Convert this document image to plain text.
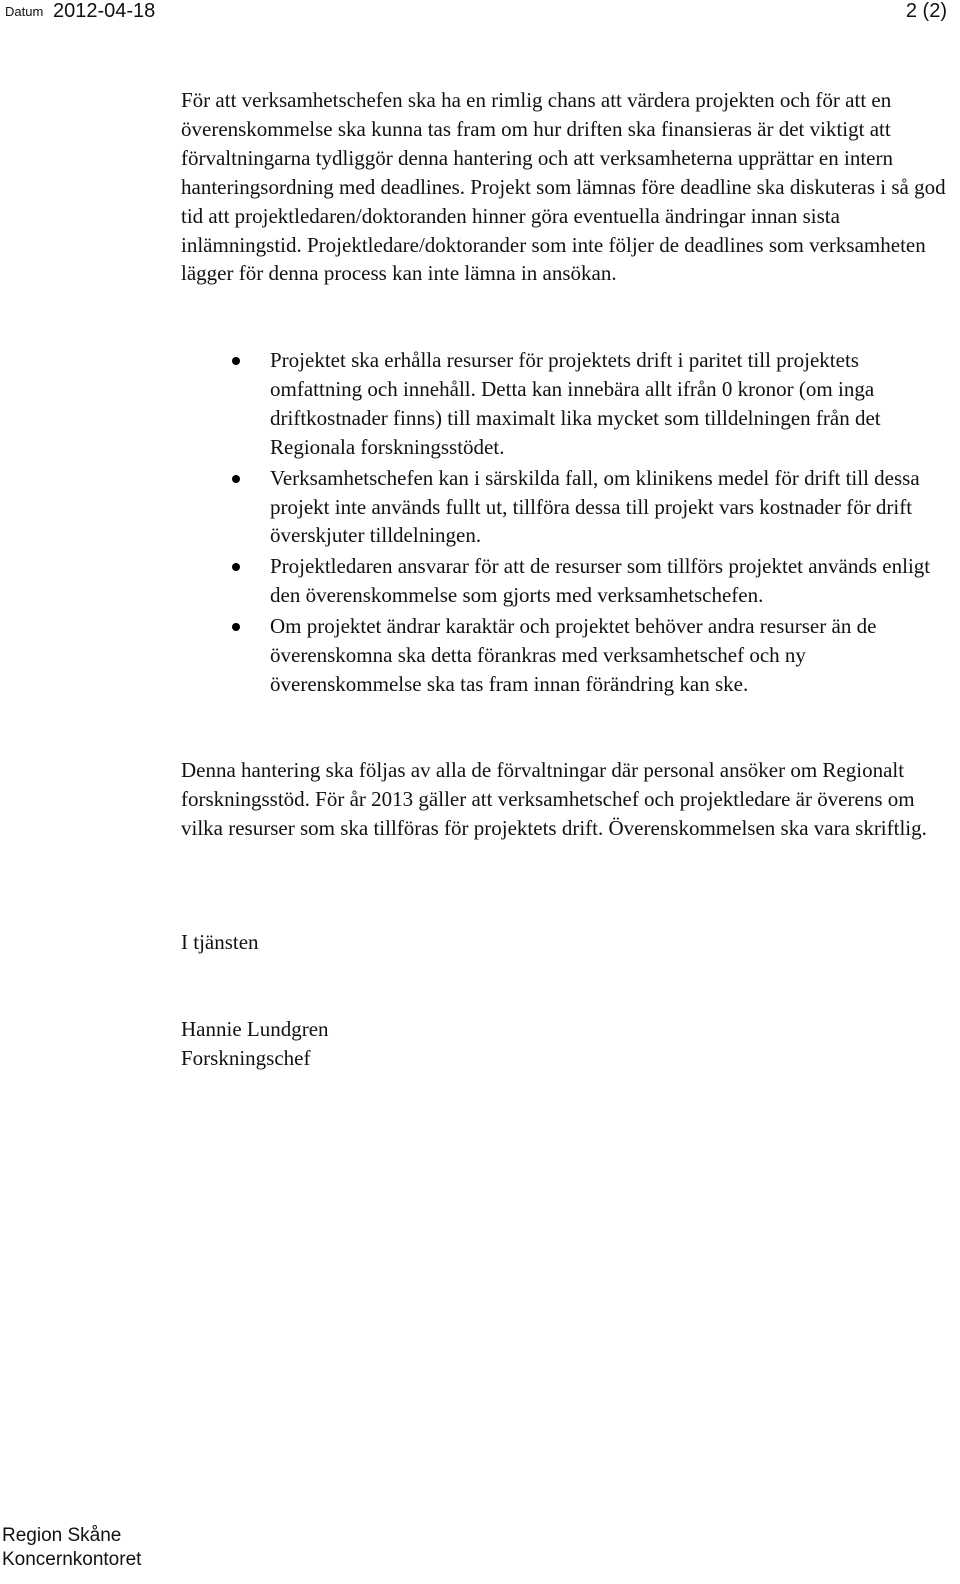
Datum 2012-04-18	2 (2)
För att verksamhetschefen ska ha en rimlig chans att värdera projekten och för att en överenskommelse ska kunna tas fram om hur driften ska finansieras är det viktigt att förvaltningarna tydliggör denna hantering och att verksamheterna upprättar en intern hanteringsordning med deadlines. Projekt som lämnas före deadline ska diskuteras i så god tid att projektledaren/doktoranden hinner göra eventuella ändringar innan sista inlämningstid. Projektledare/doktorander som inte följer de deadlines som verksamheten lägger för denna process kan inte lämna in ansökan.
Projektet ska erhålla resurser för projektets drift i paritet till projektets omfattning och innehåll. Detta kan innebära allt ifrån 0 kronor (om inga driftkostnader finns) till maximalt lika mycket som tilldelningen från det Regionala forskningsstödet.
Verksamhetschefen kan i särskilda fall, om klinikens medel för drift till dessa projekt inte används fullt ut, tillföra dessa till projekt vars kostnader för drift överskjuter tilldelningen.
Projektledaren ansvarar för att de resurser som tillförs projektet används enligt den överenskommelse som gjorts med verksamhetschefen.
Om projektet ändrar karaktär och projektet behöver andra resurser än de överenskomna ska detta förankras med verksamhetschef och ny överenskommelse ska tas fram innan förändring kan ske.
Denna hantering ska följas av alla de förvaltningar där personal ansöker om Regionalt forskningsstöd. För år 2013 gäller att verksamhetschef och projektledare är överens om vilka resurser som ska tillföras för projektets drift. Överenskommelsen ska vara skriftlig.
I tjänsten
Hannie Lundgren
Forskningschef
Region Skåne
Koncernkontoret
